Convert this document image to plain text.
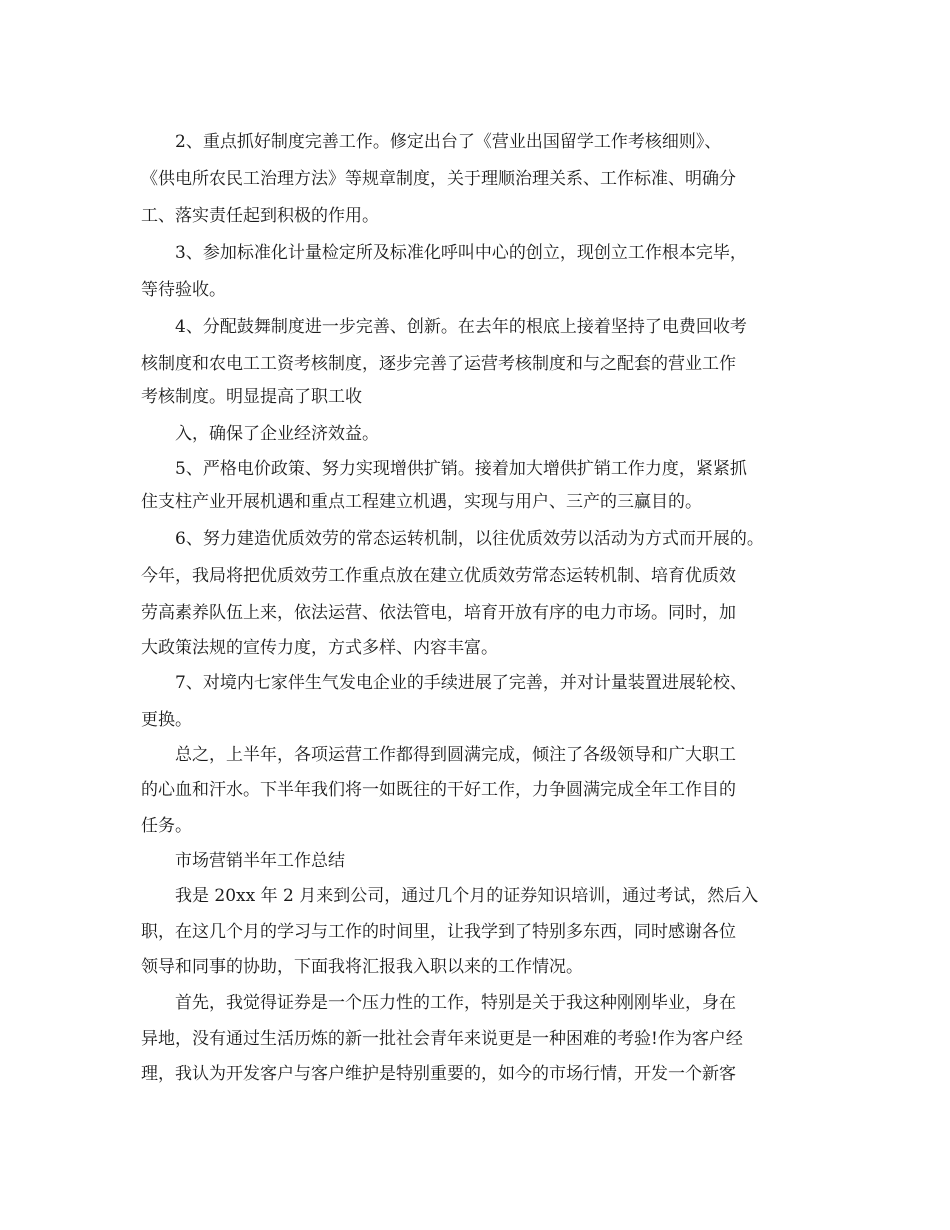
2、重点抓好制度完善工作。修定出台了《营业出国留学工作考核细则》、
《供电所农民工治理方法》等规章制度，关于理顺治理关系、工作标准、明确分
工、落实责任起到积极的作用。
3、参加标准化计量检定所及标准化呼叫中心的创立，现创立工作根本完毕，
等待验收。
4、分配鼓舞制度进一步完善、创新。在去年的根底上接着坚持了电费回收考
核制度和农电工工资考核制度，逐步完善了运营考核制度和与之配套的营业工作
考核制度。明显提高了职工收
入，确保了企业经济效益。
5、严格电价政策、努力实现增供扩销。接着加大增供扩销工作力度，紧紧抓
住支柱产业开展机遇和重点工程建立机遇，实现与用户、三产的三赢目的。
6、努力建造优质效劳的常态运转机制，以往优质效劳以活动为方式而开展的。
今年，我局将把优质效劳工作重点放在建立优质效劳常态运转机制、培育优质效
劳高素养队伍上来，依法运营、依法管电，培育开放有序的电力市场。同时，加
大政策法规的宣传力度，方式多样、内容丰富。
7、对境内七家伴生气发电企业的手续进展了完善，并对计量装置进展轮校、
更换。
总之，上半年，各项运营工作都得到圆满完成，倾注了各级领导和广大职工
的心血和汗水。下半年我们将一如既往的干好工作，力争圆满完成全年工作目的
任务。
市场营销半年工作总结
我是 20xx 年 2 月来到公司，通过几个月的证券知识培训，通过考试，然后入
职，在这几个月的学习与工作的时间里，让我学到了特别多东西，同时感谢各位
领导和同事的协助，下面我将汇报我入职以来的工作情况。
首先，我觉得证券是一个压力性的工作，特别是关于我这种刚刚毕业，身在
异地，没有通过生活历炼的新一批社会青年来说更是一种困难的考验!作为客户经
理，我认为开发客户与客户维护是特别重要的，如今的市场行情，开发一个新客
